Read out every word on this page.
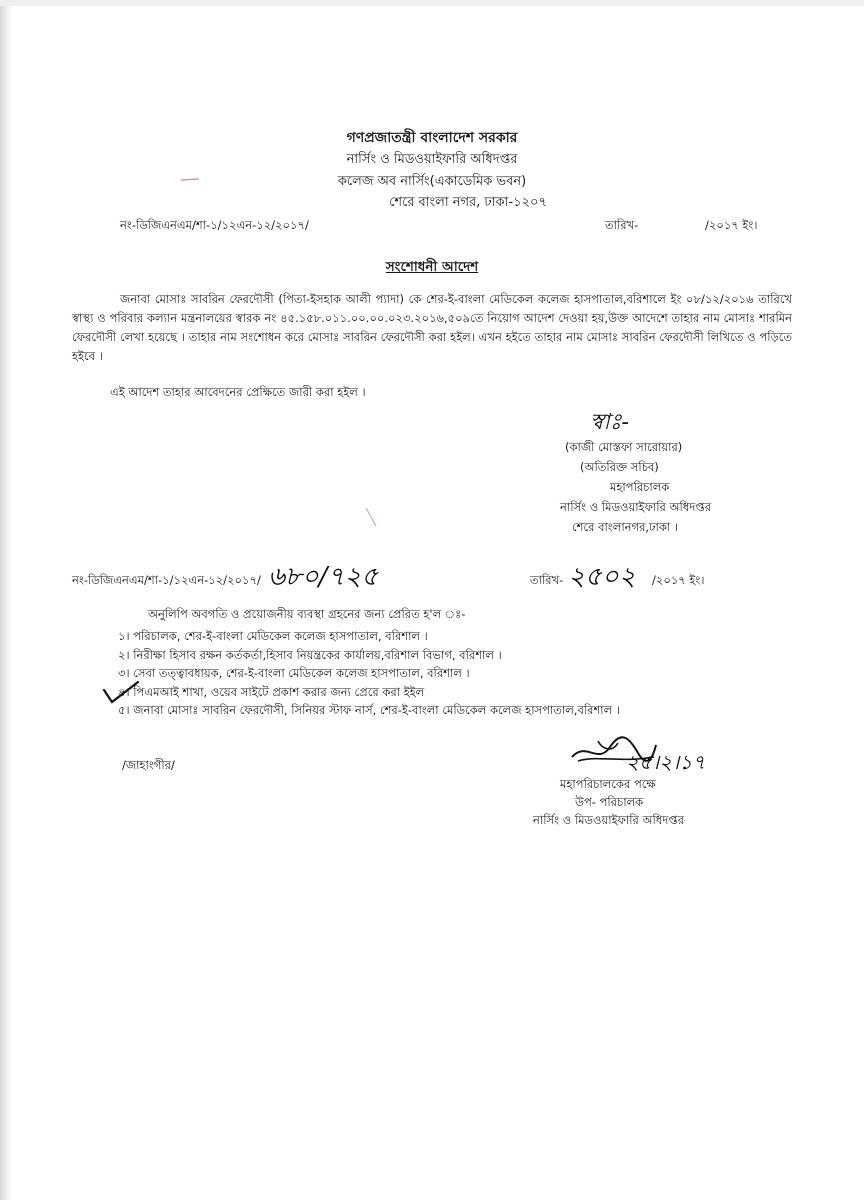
গণপ্রজাতন্ত্রী বাংলাদেশ সরকার
নার্সিং ও মিডওয়াইফারি অধিদপ্তর
কলেজ অব নার্সিং(একাডেমিক ভবন)
শেরে বাংলা নগর, ঢাকা-১২০৭
নং-ডিজিএনএম/শা-১/১২এন-১২/২০১৭/	তারিখ-	/২০১৭ ইং।
সংশোধনী আদেশ
জনাবা মোসাঃ সাবরিন ফেরদৌসী (পিতা-ইসহাক আলী প্যাদা) কে শের-ই-বাংলা মেডিকেল কলেজ হাসপাতাল,বরিশালে ইং ০৮/১২/২০১৬ তারিখে স্বাস্থ্য ও পরিবার কল্যান মন্ত্রনালয়ের স্বারক নং ৪৫.১৫৮.০১১.০০.০০.০২৩.২০১৬,৫০৯তে নিয়োগ আদেশ দেওয়া হয়,উক্ত আদেশে তাহার নাম মোসাঃ শারমিন ফেরদৌসী লেখা হয়েছে । তাহার নাম সংশোধন করে মোসাঃ সাবরিন ফেরদৌসী করা হইল। এখন হইতে তাহার নাম মোসাঃ সাবরিন ফেরদৌসী লিখিতে ও পড়িতে হইবে ।
এই আদেশ তাহার আবেদনের প্রেক্ষিতে জারী করা হইল ।
স্বাঃ-
(কাজী মোস্তফা সারোয়ার)
(অতিরিক্ত সচিব)
মহাপরিচালক
নার্সিং ও মিডওয়াইফারি অধিদপ্তর
শেরে বাংলানগর,ঢাকা ।
নং-ডিজিএনএম/শা-১/১২এন-১২/২০১৭/ ৬৮০/৭২৫	তারিখ- ২৫০২ /২০১৭ ইং।
অনুলিপি অবগতি ও প্রয়োজনীয় ব্যবস্থা গ্রহনের জন্য প্রেরিত হ'ল ঃ-
১। পরিচালক, শের-ই-বাংলা মেডিকেল কলেজ হাসপাতাল, বরিশাল ।
২। নিরীক্ষা হিসাব রক্ষন কর্তকর্তা,হিসাব নিয়ন্ত্রকের কার্যালয়,বরিশাল বিভাগ, বরিশাল ।
৩। সেবা তত্ত্বাবধায়ক, শের-ই-বাংলা মেডিকেল কলেজ হাসপাতাল, বরিশাল ।
৪। পিএমআই শাখা, ওয়েব সাইটে প্রকাশ করার জন্য প্রেরে করা ইইল
৫। জনাবা মোসাঃ সাবরিন ফেরদৌসী, সিনিয়র স্টাফ নার্স, শের-ই-বাংলা মেডিকেল কলেজ হাসপাতাল,বরিশাল ।
/জাহাংগীর/	২৫।২।১৭
মহাপরিচালকের পক্ষে
উপ- পরিচালক
নার্সিং ও মিডওয়াইফারি অধিদপ্তর
